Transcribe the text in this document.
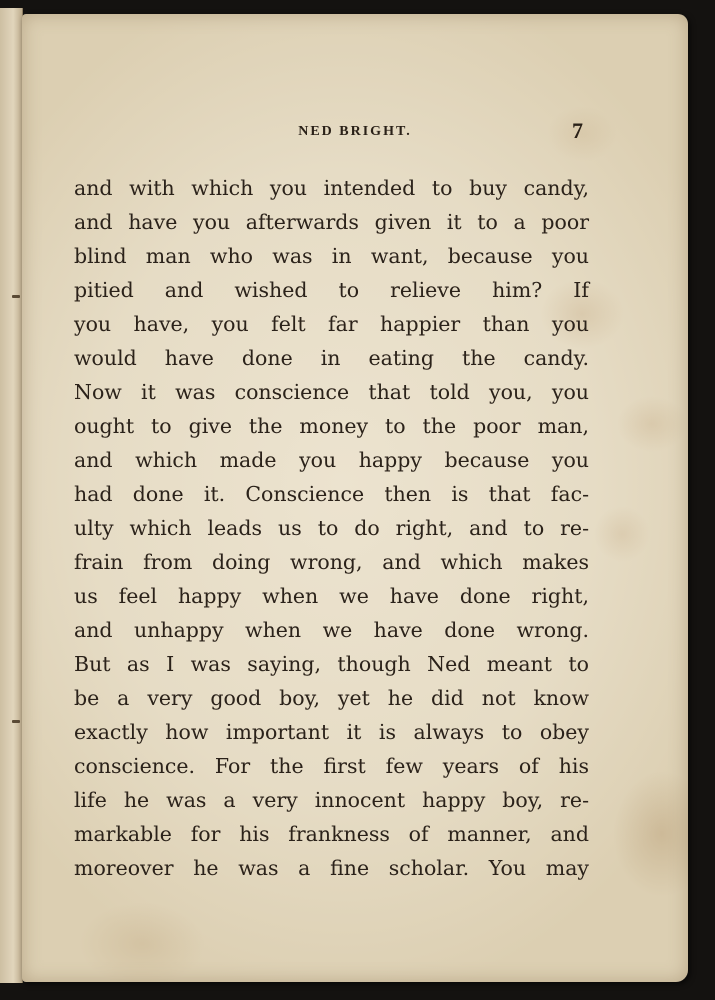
NED BRIGHT.	7
and with which you intended to buy candy,
and have you afterwards given it to a poor
blind man who was in want, because you
pitied and wished to relieve him? If
you have, you felt far happier than you
would have done in eating the candy.
Now it was conscience that told you, you
ought to give the money to the poor man,
and which made you happy because you
had done it. Conscience then is that fac-
ulty which leads us to do right, and to re-
frain from doing wrong, and which makes
us feel happy when we have done right,
and unhappy when we have done wrong.
But as I was saying, though Ned meant to
be a very good boy, yet he did not know
exactly how important it is always to obey
conscience. For the first few years of his
life he was a very innocent happy boy, re-
markable for his frankness of manner, and
moreover he was a fine scholar. You may
